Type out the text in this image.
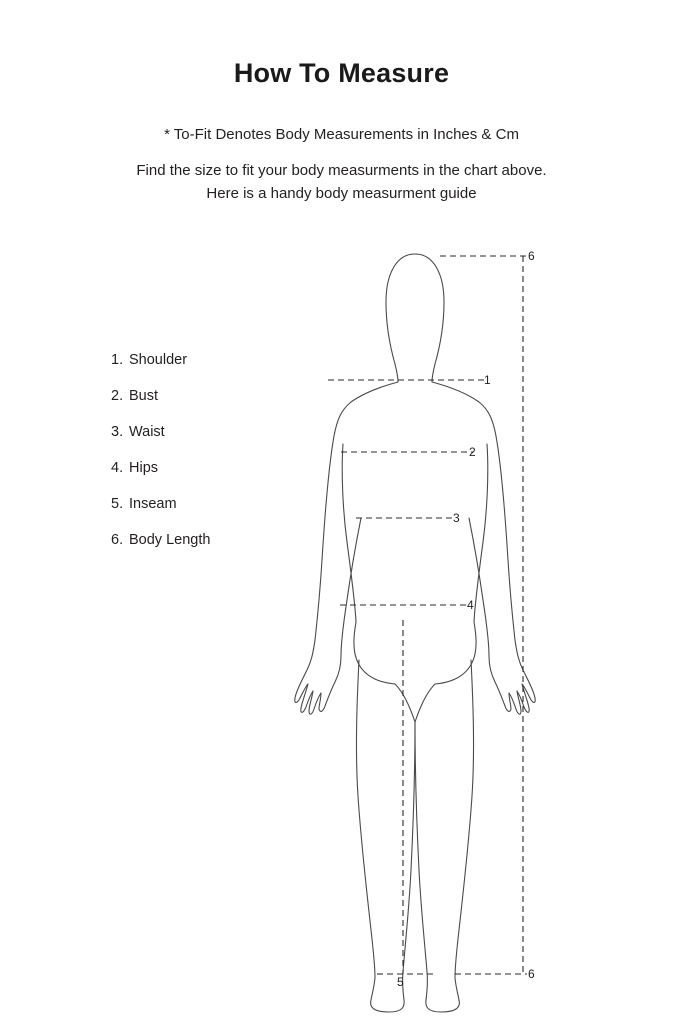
How To Measure
* To-Fit Denotes Body Measurements in Inches & Cm
Find the size to fit your body measurments in the chart above.
Here is a handy body measurment guide
1. Shoulder
2. Bust
3. Waist
4. Hips
5. Inseam
6. Body Length
1
2
3
4
5
6
6
